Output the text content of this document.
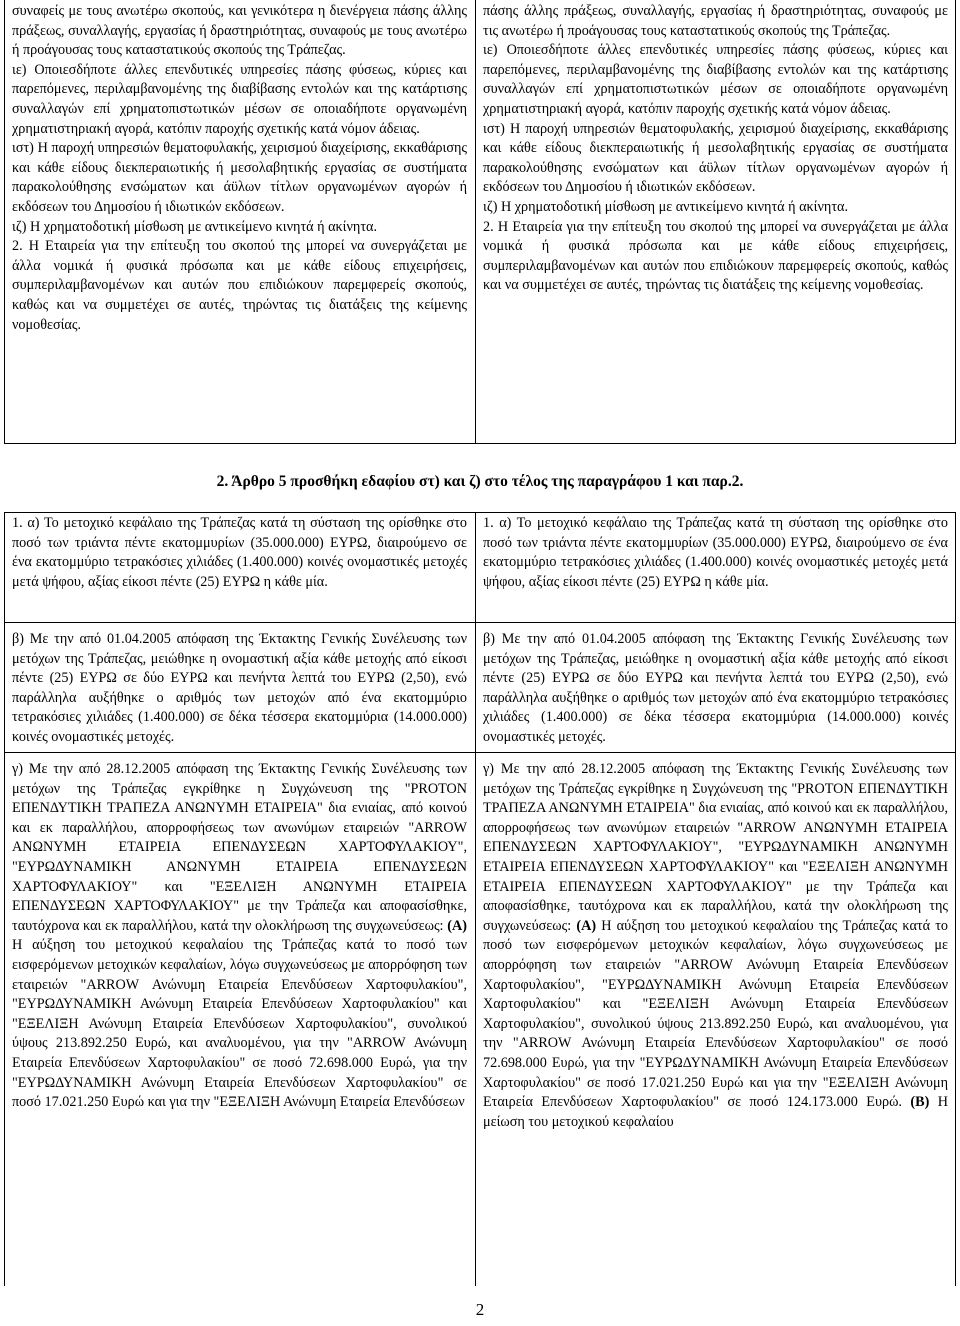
συναφείς με τους ανωτέρω σκοπούς, και γενικότερα η διενέργεια πάσης άλλης πράξεως, συναλλαγής, εργασίας ή δραστηριότητας, συναφούς με τους ανωτέρω ή προάγουσας τους καταστατικούς σκοπούς της Τράπεζας.

ιε) Οποιεσδήποτε άλλες επενδυτικές υπηρεσίες πάσης φύσεως, κύριες και παρεπόμενες, περιλαμβανομένης της διαβίβασης εντολών και της κατάρτισης συναλλαγών επί χρηματοπιστωτικών μέσων σε οποιαδήποτε οργανωμένη χρηματιστηριακή αγορά, κατόπιν παροχής σχετικής κατά νόμον άδειας.

ιστ) Η παροχή υπηρεσιών θεματοφυλακής, χειρισμού διαχείρισης, εκκαθάρισης και κάθε είδους διεκπεραιωτικής ή μεσολαβητικής εργασίας σε συστήματα παρακολούθησης ενσώματων και άϋλων τίτλων οργανωμένων αγορών ή εκδόσεων του Δημοσίου ή ιδιωτικών εκδόσεων.

ιζ) Η χρηματοδοτική μίσθωση με αντικείμενο κινητά ή ακίνητα.

2. Η Εταιρεία για την επίτευξη του σκοπού της μπορεί να συνεργάζεται με άλλα νομικά ή φυσικά πρόσωπα και με κάθε είδους επιχειρήσεις, συμπεριλαμβανομένων και αυτών που επιδιώκουν παρεμφερείς σκοπούς, καθώς και να συμμετέχει σε αυτές, τηρώντας τις διατάξεις της κείμενης νομοθεσίας.

πάσης άλλης πράξεως, συναλλαγής, εργασίας ή δραστηριότητας, συναφούς με τις ανωτέρω ή προάγουσας τους καταστατικούς σκοπούς της Τράπεζας.

ιε) Οποιεσδήποτε άλλες επενδυτικές υπηρεσίες πάσης φύσεως, κύριες και παρεπόμενες, περιλαμβανομένης της διαβίβασης εντολών και της κατάρτισης συναλλαγών επί χρηματοπιστωτικών μέσων σε οποιαδήποτε οργανωμένη χρηματιστηριακή αγορά, κατόπιν παροχής σχετικής κατά νόμον άδειας.

ιστ) Η παροχή υπηρεσιών θεματοφυλακής, χειρισμού διαχείρισης, εκκαθάρισης και κάθε είδους διεκπεραιωτικής ή μεσολαβητικής εργασίας σε συστήματα παρακολούθησης ενσώματων και άϋλων τίτλων οργανωμένων αγορών ή εκδόσεων του Δημοσίου ή ιδιωτικών εκδόσεων.

ιζ) Η χρηματοδοτική μίσθωση με αντικείμενο κινητά ή ακίνητα.

2. Η Εταιρεία για την επίτευξη του σκοπού της μπορεί να συνεργάζεται με άλλα νομικά ή φυσικά πρόσωπα και με κάθε είδους επιχειρήσεις, συμπεριλαμβανομένων και αυτών που επιδιώκουν παρεμφερείς σκοπούς, καθώς και να συμμετέχει σε αυτές, τηρώντας τις διατάξεις της κείμενης νομοθεσίας.

2. Άρθρο 5 προσθήκη εδαφίου στ) και ζ) στο τέλος της παραγράφου 1 και παρ.2.

1. α) Το μετοχικό κεφάλαιο της Τράπεζας κατά τη σύσταση της ορίσθηκε στο ποσό των τριάντα πέντε εκατομμυρίων (35.000.000) ΕΥΡΩ, διαιρούμενο σε ένα εκατομμύριο τετρακόσιες χιλιάδες (1.400.000) κοινές ονομαστικές μετοχές μετά ψήφου, αξίας είκοσι πέντε (25) ΕΥΡΩ η κάθε μία.

1. α) Το μετοχικό κεφάλαιο της Τράπεζας κατά τη σύσταση της ορίσθηκε στο ποσό των τριάντα πέντε εκατομμυρίων (35.000.000) ΕΥΡΩ, διαιρούμενο σε ένα εκατομμύριο τετρακόσιες χιλιάδες (1.400.000) κοινές ονομαστικές μετοχές μετά ψήφου, αξίας είκοσι πέντε (25) ΕΥΡΩ η κάθε μία.

β) Με την από 01.04.2005 απόφαση της Έκτακτης Γενικής Συνέλευσης των μετόχων της Τράπεζας, μειώθηκε η ονομαστική αξία κάθε μετοχής από είκοσι πέντε (25) ΕΥΡΩ σε δύο ΕΥΡΩ και πενήντα λεπτά του ΕΥΡΩ (2,50), ενώ παράλληλα αυξήθηκε ο αριθμός των μετοχών από ένα εκατομμύριο τετρακόσιες χιλιάδες (1.400.000) σε δέκα τέσσερα εκατομμύρια (14.000.000) κοινές ονομαστικές μετοχές.

β) Με την από 01.04.2005 απόφαση της Έκτακτης Γενικής Συνέλευσης των μετόχων της Τράπεζας, μειώθηκε η ονομαστική αξία κάθε μετοχής από είκοσι πέντε (25) ΕΥΡΩ σε δύο ΕΥΡΩ και πενήντα λεπτά του ΕΥΡΩ (2,50), ενώ παράλληλα αυξήθηκε ο αριθμός των μετοχών από ένα εκατομμύριο τετρακόσιες χιλιάδες (1.400.000) σε δέκα τέσσερα εκατομμύρια (14.000.000) κοινές ονομαστικές μετοχές.

γ) Με την από 28.12.2005 απόφαση της Έκτακτης Γενικής Συνέλευσης των μετόχων της Τράπεζας εγκρίθηκε η Συγχώνευση της "PROTON ΕΠΕΝΔΥΤΙΚΗ ΤΡΑΠΕΖΑ ΑΝΩΝΥΜΗ ΕΤΑΙΡΕΙΑ" δια ενιαίας, από κοινού και εκ παραλλήλου, απορροφήσεως των ανωνύμων εταιρειών "ARROW ΑΝΩΝΥΜΗ ΕΤΑΙΡΕΙΑ ΕΠΕΝΔΥΣΕΩΝ ΧΑΡΤΟΦΥΛΑΚΙΟΥ", "ΕΥΡΩΔΥΝΑΜΙΚΗ ΑΝΩΝΥΜΗ ΕΤΑΙΡΕΙΑ ΕΠΕΝΔΥΣΕΩΝ ΧΑΡΤΟΦΥΛΑΚΙΟΥ" και "ΕΞΕΛΙΞΗ ΑΝΩΝΥΜΗ ΕΤΑΙΡΕΙΑ ΕΠΕΝΔΥΣΕΩΝ ΧΑΡΤΟΦΥΛΑΚΙΟΥ" με την Τράπεζα και αποφασίσθηκε, ταυτόχρονα και εκ παραλλήλου, κατά την ολοκλήρωση της συγχωνεύσεως: (Α) Η αύξηση του μετοχικού κεφαλαίου της Τράπεζας κατά το ποσό των εισφερόμενων μετοχικών κεφαλαίων, λόγω συγχωνεύσεως με απορρόφηση των εταιρειών "ARROW Ανώνυμη Εταιρεία Επενδύσεων Χαρτοφυλακίου", "ΕΥΡΩΔΥΝΑΜΙΚΗ Ανώνυμη Εταιρεία Επενδύσεων Χαρτοφυλακίου" και "ΕΞΕΛΙΞΗ Ανώνυμη Εταιρεία Επενδύσεων Χαρτοφυλακίου", συνολικού ύψους 213.892.250 Ευρώ, και αναλυομένου, για την "ARROW Ανώνυμη Εταιρεία Επενδύσεων Χαρτοφυλακίου" σε ποσό 72.698.000 Ευρώ, για την "ΕΥΡΩΔΥΝΑΜΙΚΗ Ανώνυμη Εταιρεία Επενδύσεων Χαρτοφυλακίου" σε ποσό 17.021.250 Ευρώ και για την "ΕΞΕΛΙΞΗ Ανώνυμη Εταιρεία Επενδύσεων

γ) Με την από 28.12.2005 απόφαση της Έκτακτης Γενικής Συνέλευσης των μετόχων της Τράπεζας εγκρίθηκε η Συγχώνευση της "PROTON ΕΠΕΝΔΥΤΙΚΗ ΤΡΑΠΕΖΑ ΑΝΩΝΥΜΗ ΕΤΑΙΡΕΙΑ" δια ενιαίας, από κοινού και εκ παραλλήλου, απορροφήσεως των ανωνύμων εταιρειών "ARROW ΑΝΩΝΥΜΗ ΕΤΑΙΡΕΙΑ ΕΠΕΝΔΥΣΕΩΝ ΧΑΡΤΟΦΥΛΑΚΙΟΥ", "ΕΥΡΩΔΥΝΑΜΙΚΗ ΑΝΩΝΥΜΗ ΕΤΑΙΡΕΙΑ ΕΠΕΝΔΥΣΕΩΝ ΧΑΡΤΟΦΥΛΑΚΙΟΥ" και "ΕΞΕΛΙΞΗ ΑΝΩΝΥΜΗ ΕΤΑΙΡΕΙΑ ΕΠΕΝΔΥΣΕΩΝ ΧΑΡΤΟΦΥΛΑΚΙΟΥ" με την Τράπεζα και αποφασίσθηκε, ταυτόχρονα και εκ παραλλήλου, κατά την ολοκλήρωση της συγχωνεύσεως: (Α) Η αύξηση του μετοχικού κεφαλαίου της Τράπεζας κατά το ποσό των εισφερόμενων μετοχικών κεφαλαίων, λόγω συγχωνεύσεως με απορρόφηση των εταιρειών "ARROW Ανώνυμη Εταιρεία Επενδύσεων Χαρτοφυλακίου", "ΕΥΡΩΔΥΝΑΜΙΚΗ Ανώνυμη Εταιρεία Επενδύσεων Χαρτοφυλακίου" και "ΕΞΕΛΙΞΗ Ανώνυμη Εταιρεία Επενδύσεων Χαρτοφυλακίου", συνολικού ύψους 213.892.250 Ευρώ, και αναλυομένου, για την "ARROW Ανώνυμη Εταιρεία Επενδύσεων Χαρτοφυλακίου" σε ποσό 72.698.000 Ευρώ, για την "ΕΥΡΩΔΥΝΑΜΙΚΗ Ανώνυμη Εταιρεία Επενδύσεων Χαρτοφυλακίου" σε ποσό 17.021.250 Ευρώ και για την "ΕΞΕΛΙΞΗ Ανώνυμη Εταιρεία Επενδύσεων Χαρτοφυλακίου" σε ποσό 124.173.000 Ευρώ. (Β) Η μείωση του μετοχικού κεφαλαίου

2
